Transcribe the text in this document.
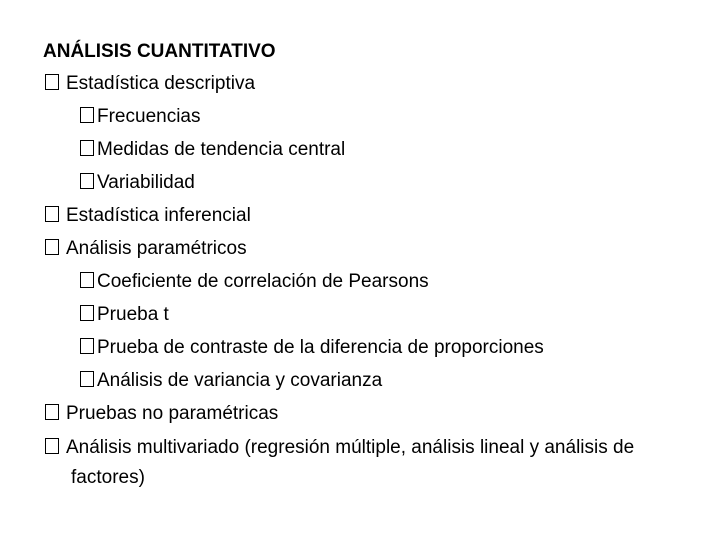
ANÁLISIS CUANTITATIVO
Estadística descriptiva
Frecuencias
Medidas de tendencia central
Variabilidad
Estadística inferencial
Análisis paramétricos
Coeficiente de correlación de Pearsons
Prueba t
Prueba de contraste de la diferencia de proporciones
Análisis de variancia y covarianza
Pruebas no paramétricas
Análisis multivariado (regresión múltiple, análisis lineal y análisis de factores)
